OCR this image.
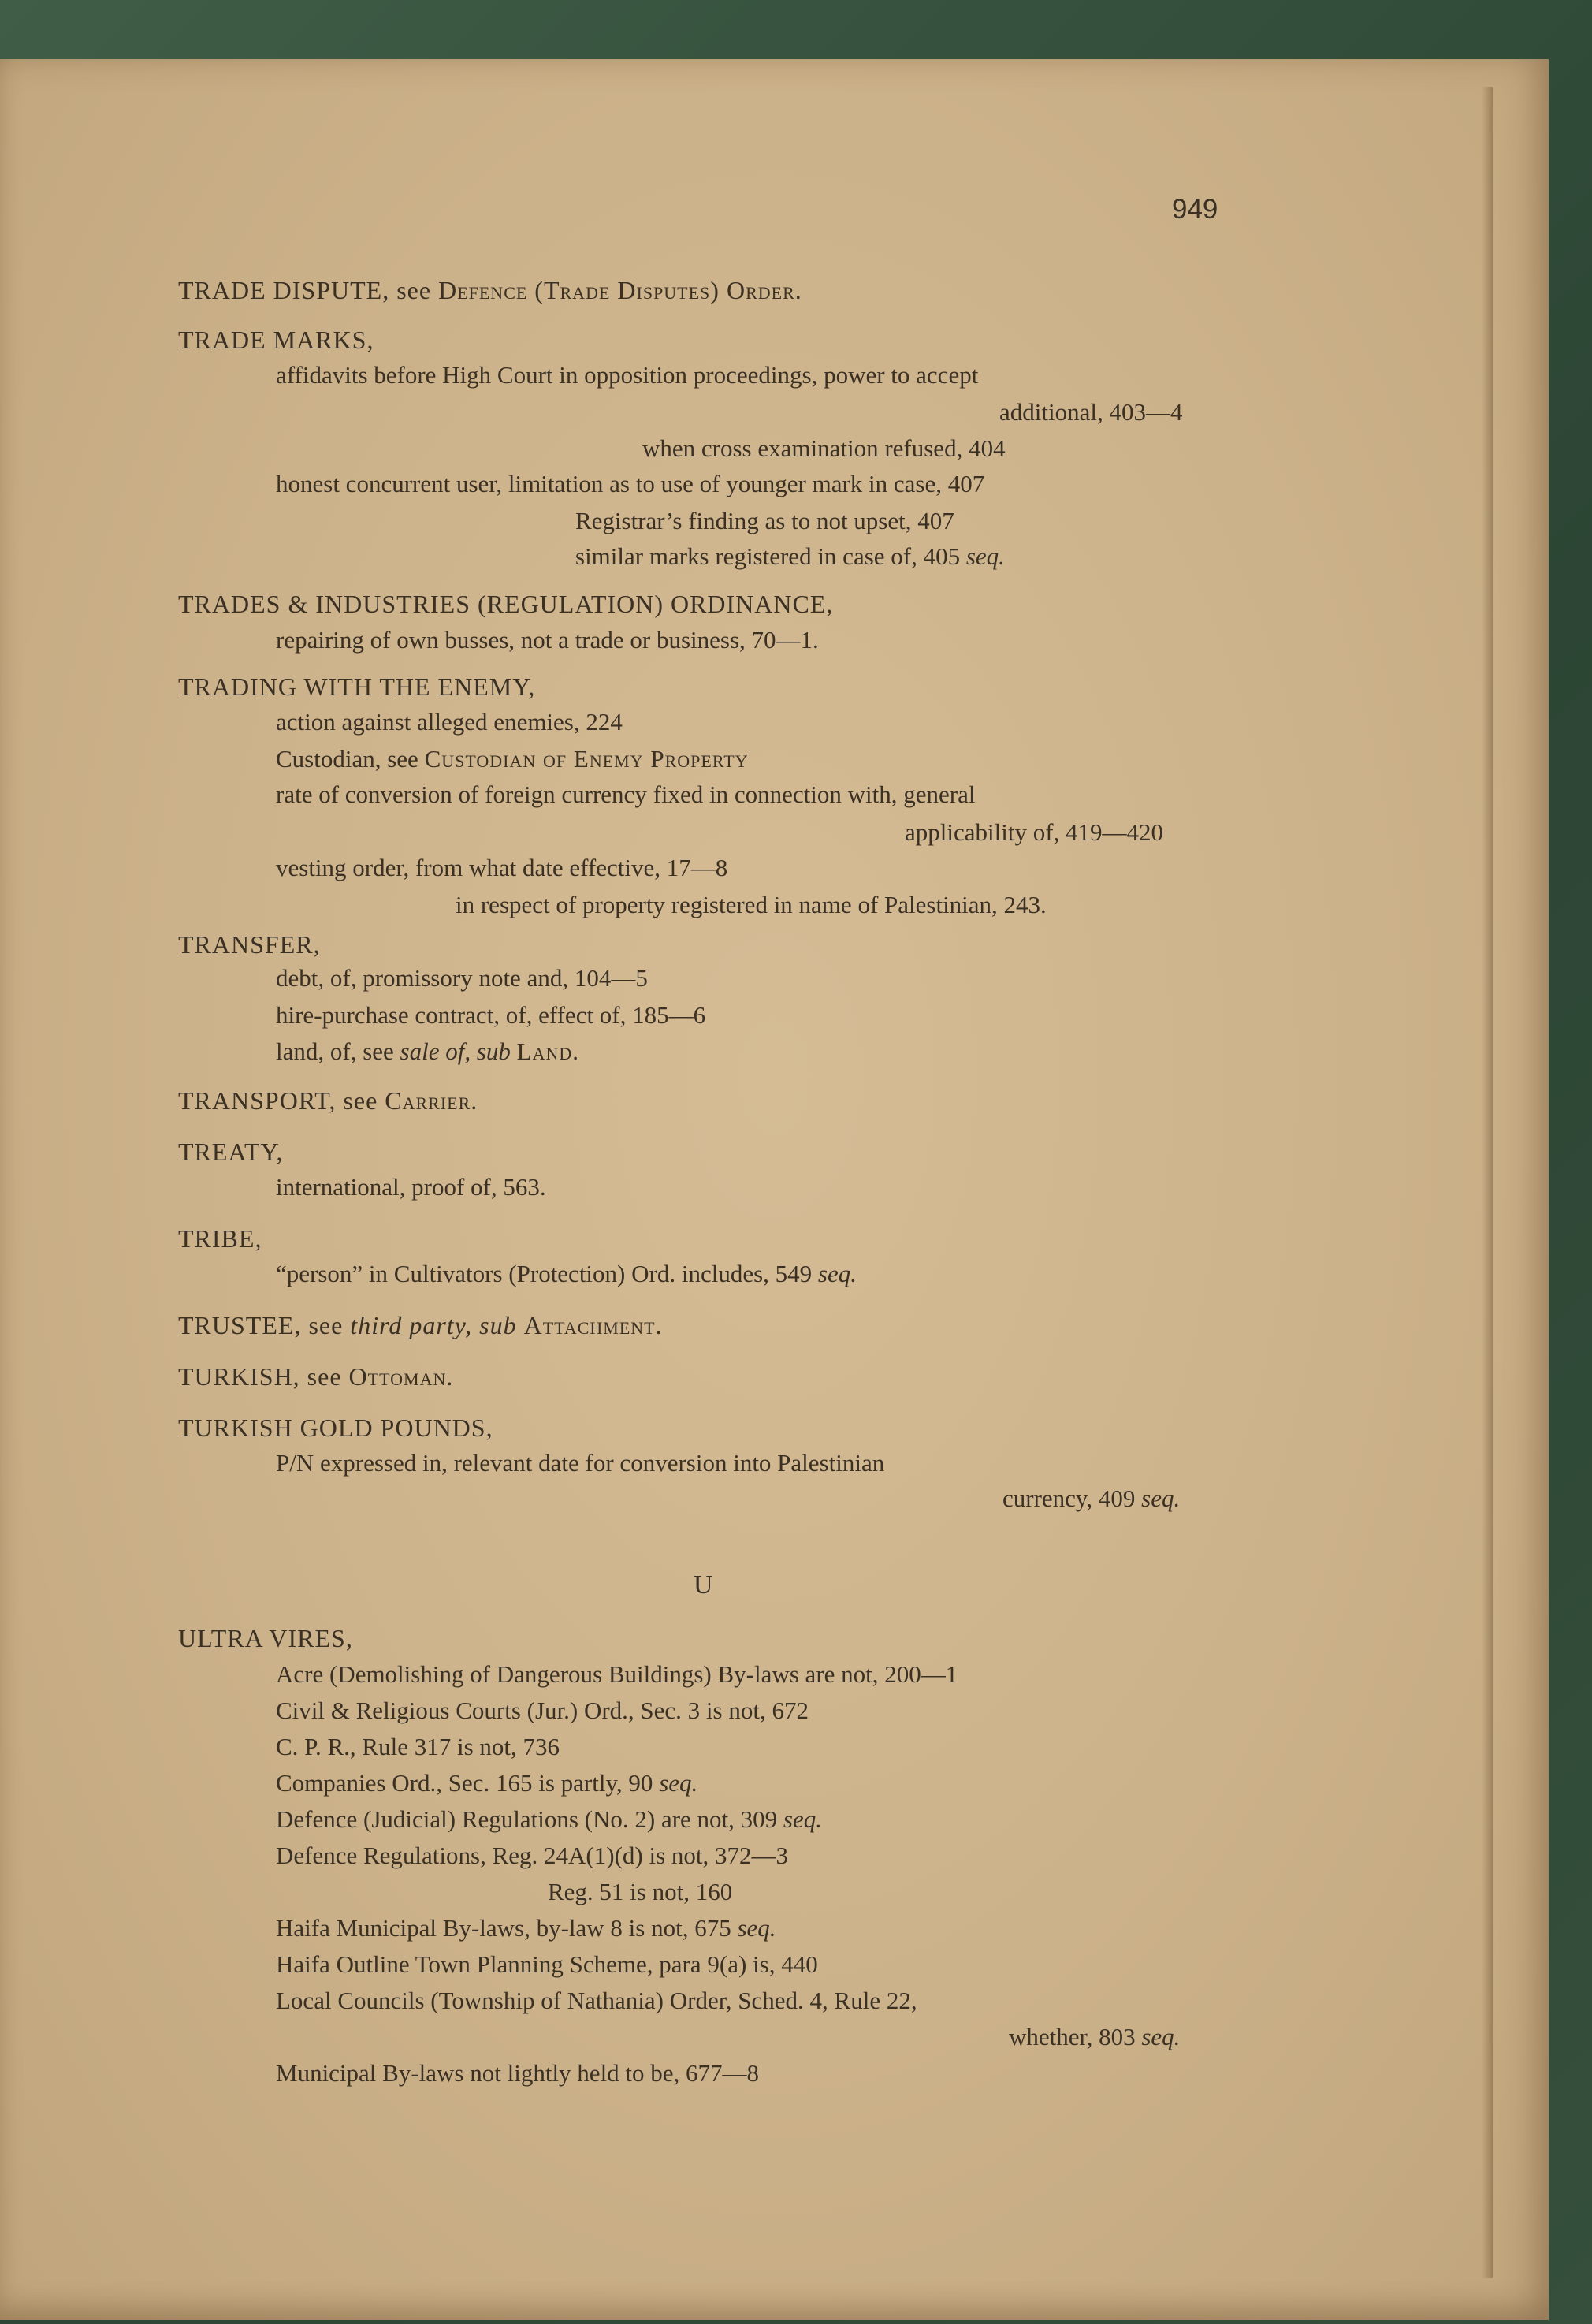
949
U
TRADE DISPUTE, see Defence (Trade Disputes) Order.
TRADE MARKS,
affidavits before High Court in opposition proceedings, power to accept
additional, 403—4
when cross examination refused, 404
honest concurrent user, limitation as to use of younger mark in case, 407
Registrar’s finding as to not upset, 407
similar marks registered in case of, 405 seq.
TRADES & INDUSTRIES (REGULATION) ORDINANCE,
repairing of own busses, not a trade or business, 70—1.
TRADING WITH THE ENEMY,
action against alleged enemies, 224
Custodian, see Custodian of Enemy Property
rate of conversion of foreign currency fixed in connection with, general
applicability of, 419—420
vesting order, from what date effective, 17—8
in respect of property registered in name of Palestinian, 243.
TRANSFER,
debt, of, promissory note and, 104—5
hire-purchase contract, of, effect of, 185—6
land, of, see sale of, sub Land.
TRANSPORT, see Carrier.
TREATY,
international, proof of, 563.
TRIBE,
“person” in Cultivators (Protection) Ord. includes, 549 seq.
TRUSTEE, see third party, sub Attachment.
TURKISH, see Ottoman.
TURKISH GOLD POUNDS,
P/N expressed in, relevant date for conversion into Palestinian
currency, 409 seq.
ULTRA VIRES,
Acre (Demolishing of Dangerous Buildings) By-laws are not, 200—1
Civil & Religious Courts (Jur.) Ord., Sec. 3 is not, 672
C. P. R., Rule 317 is not, 736
Companies Ord., Sec. 165 is partly, 90 seq.
Defence (Judicial) Regulations (No. 2) are not, 309 seq.
Defence Regulations, Reg. 24A(1)(d) is not, 372—3
Reg. 51 is not, 160
Haifa Municipal By-laws, by-law 8 is not, 675 seq.
Haifa Outline Town Planning Scheme, para 9(a) is, 440
Local Councils (Township of Nathania) Order, Sched. 4, Rule 22,
whether, 803 seq.
Municipal By-laws not lightly held to be, 677—8
